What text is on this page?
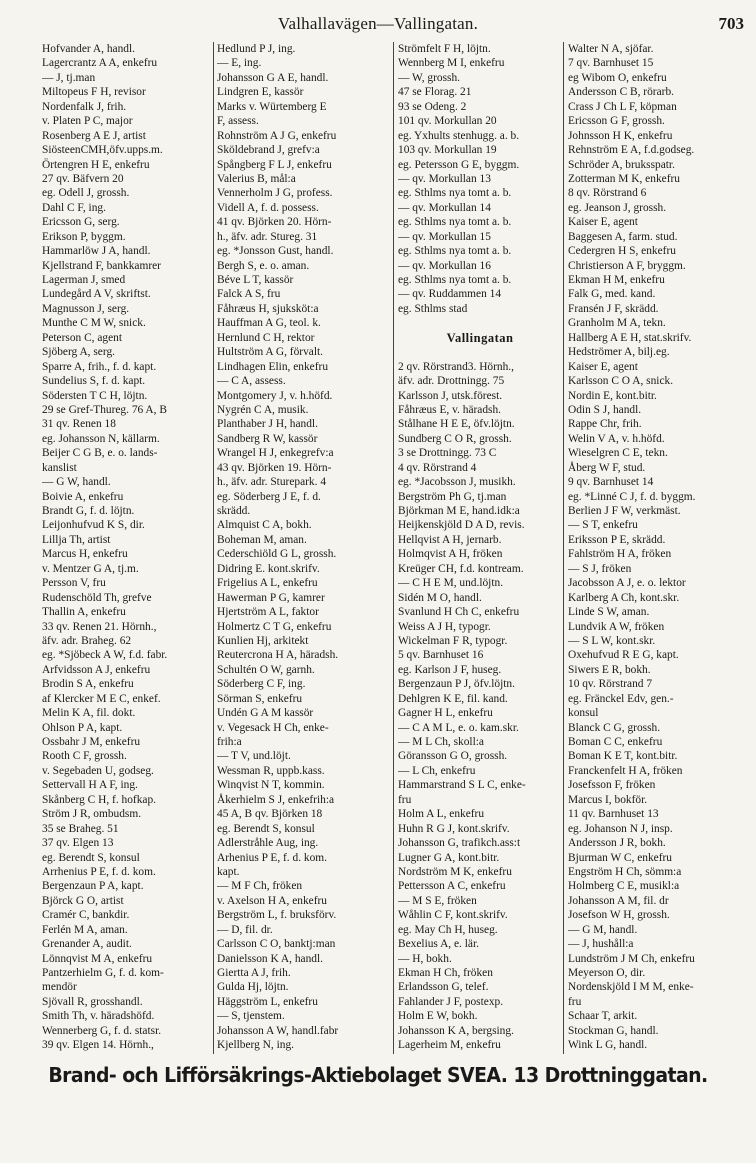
Valhallavägen—Vallingatan.	703
Hofvander A, handl.
Lagercrantz A A, enkefru
— J, tj.man
Miltopeus F H, revisor
Nordenfalk J, frih.
v. Platen P C, major
Rosenberg A E J, artist
SiösteenCMH,öfv.upps.m.
Örtengren H E, enkefru
27 qv. Bäfvern 20
eg. Odell J, grossh.
Dahl C F, ing.
Ericsson G, serg.
Erikson P, byggm.
Hammarlöw J A, handl.
Kjellstrand F, bankkamrer
Lagerman J, smed
Lundegård A V, skriftst.
Magnusson J, serg.
Munthe C M W, snick.
Peterson C, agent
Sjöberg A, serg.
Sparre A, frih., f. d. kapt.
Sundelius S, f. d. kapt.
Södersten T C H, löjtn.
29 se Gref-Thureg. 76 A, B
31 qv. Renen 18
eg. Johansson N, källarm.
Beijer C G B, e. o. lands-
kanslist
— G W, handl.
Boivie A, enkefru
Brandt G, f. d. löjtn.
Leijonhufvud K S, dir.
Lillja Th, artist
Marcus H, enkefru
v. Mentzer G A, tj.m.
Persson V, fru
Rudenschöld Th, grefve
Thallin A, enkefru
33 qv. Renen 21. Hörnh.,
äfv. adr. Braheg. 62
eg. *Sjöbeck A W, f.d. fabr.
Arfvidsson A J, enkefru
Brodin S A, enkefru
af Klercker M E C, enkef.
Melin K A, fil. dokt.
Ohlson P A, kapt.
Ossbahr J M, enkefru
Rooth C F, grossh.
v. Segebaden U, godseg.
Settervall H A F, ing.
Skånberg C H, f. hofkap.
Ström J R, ombudsm.
35 se Braheg. 51
37 qv. Elgen 13
eg. Berendt S, konsul
Arrhenius P E, f. d. kom.
Bergenzaun P A, kapt.
Björck G O, artist
Cramér C, bankdir.
Ferlén M A, aman.
Grenander A, audit.
Lönnqvist M A, enkefru
Pantzerhielm G, f. d. kom-
mendör
Sjövall R, grosshandl.
Smith Th, v. häradshöfd.
Wennerberg G, f. d. statsr.
39 qv. Elgen 14. Hörnh.,
Hedlund P J, ing.
— E, ing.
Johansson G A E, handl.
Lindgren E, kassör
Marks v. Würtemberg E
F, assess.
Rohnström A J G, enkefru
Sköldebrand J, grefv:a
Spångberg F L J, enkefru
Valerius B, mål:a
Vennerholm J G, profess.
Videll A, f. d. possess.
41 qv. Björken 20. Hörn-
h., äfv. adr. Stureg. 31
eg. *Jonsson Gust, handl.
Bergh S, e. o. aman.
Béve L T, kassör
Falck A S, fru
Fåhræus H, sjuksköt:a
Hauffman A G, teol. k.
Hernlund C H, rektor
Hultström A G, förvalt.
Lindhagen Elin, enkefru
— C A, assess.
Montgomery J, v. h.höfd.
Nygrén C A, musik.
Planthaber J H, handl.
Sandberg R W, kassör
Wrangel H J, enkegrefv:a
43 qv. Björken 19. Hörn-
h., äfv. adr. Sturepark. 4
eg. Söderberg J E, f. d.
skrädd.
Almquist C A, bokh.
Boheman M, aman.
Cederschiöld G L, grossh.
Didring E. kont.skrifv.
Frigelius A L, enkefru
Hawerman P G, kamrer
Hjertström A L, faktor
Holmertz C T G, enkefru
Kunlien Hj, arkitekt
Reutercrona H A, häradsh.
Schultén O W, garnh.
Söderberg C F, ing.
Sörman S, enkefru
Undén G A M kassör
v. Vegesack H Ch, enke-
frih:a
— T V, und.löjt.
Wessman R, uppb.kass.
Winqvist N T, kommin.
Åkerhielm S J, enkefrih:a
45 A, B qv. Björken 18
eg. Berendt S, konsul
Adlerstråhle Aug, ing.
Arhenius P E, f. d. kom.
kapt.
— M F Ch, fröken
v. Axelson H A, enkefru
Bergström L, f. bruksförv.
— D, fil. dr.
Carlsson C O, banktj:man
Danielsson K A, handl.
Giertta A J, frih.
Gulda Hj, löjtn.
Häggström L, enkefru
— S, tjenstem.
Johansson A W, handl.fabr
Kjellberg N, ing.
Strömfelt F H, löjtn.
Wennberg M I, enkefru
— W, grossh.
47 se Florag. 21
93 se Odeng. 2
101 qv. Morkullan 20
eg. Yxhults stenhugg. a. b.
103 qv. Morkullan 19
eg. Petersson G E, byggm.
— qv. Morkullan 13
eg. Sthlms nya tomt a. b.
— qv. Morkullan 14
eg. Sthlms nya tomt a. b.
— qv. Morkullan 15
eg. Sthlms nya tomt a. b.
— qv. Morkullan 16
eg. Sthlms nya tomt a. b.
— qv. Ruddammen 14
eg. Sthlms stad
Vallingatan
2 qv. Rörstrand3. Hörnh.,
äfv. adr. Drottningg. 75
Karlsson J, utsk.förest.
Fåhræus E, v. häradsh.
Stålhane H E E, öfv.löjtn.
Sundberg C O R, grossh.
3 se Drottningg. 73 C
4 qv. Rörstrand 4
eg. *Jacobsson J, musikh.
Bergström Ph G, tj.man
Björkman M E, hand.idk:a
Heijkenskjöld D A D, revis.
Hellqvist A H, jernarb.
Holmqvist A H, fröken
Kreüger CH, f.d. kontream.
— C H E M, und.löjtn.
Sidén M O, handl.
Svanlund H Ch C, enkefru
Weiss A J H, typogr.
Wickelman F R, typogr.
5 qv. Barnhuset 16
eg. Karlson J F, huseg.
Bergenzaun P J, öfv.löjtn.
Dehlgren K E, fil. kand.
Gagner H L, enkefru
— C A M L, e. o. kam.skr.
— M L Ch, skoll:a
Göransson G O, grossh.
— L Ch, enkefru
Hammarstrand S L C, enke-
fru
Holm A L, enkefru
Huhn R G J, kont.skrifv.
Johansson G, trafikch.ass:t
Lugner G A, kont.bitr.
Nordström M K, enkefru
Pettersson A C, enkefru
— M S E, fröken
Wåhlin C F, kont.skrifv.
eg. May Ch H, huseg.
Bexelius A, e. lär.
— H, bokh.
Ekman H Ch, fröken
Erlandsson G, telef.
Fahlander J F, postexp.
Holm E W, bokh.
Johansson K A, bergsing.
Lagerheim M, enkefru
Walter N A, sjöfar.
7 qv. Barnhuset 15
eg Wibom O, enkefru
Andersson C B, rörarb.
Crass J Ch L F, köpman
Ericsson G F, grossh.
Johnsson H K, enkefru
Rehnström E A, f.d.godseg.
Schröder A, bruksspatr.
Zotterman M K, enkefru
8 qv. Rörstrand 6
eg. Jeanson J, grossh.
Kaiser E, agent
Baggesen A, farm. stud.
Cedergren H S, enkefru
Christierson A F, bryggm.
Ekman H M, enkefru
Falk G, med. kand.
Fransén J F, skrädd.
Granholm M A, tekn.
Hallberg A E H, stat.skrifv.
Hedströmer A, bilj.eg.
Kaiser E, agent
Karlsson C O A, snick.
Nordin E, kont.bitr.
Odin S J, handl.
Rappe Chr, frih.
Welin V A, v. h.höfd.
Wieselgren C E, tekn.
Åberg W F, stud.
9 qv. Barnhuset 14
eg. *Linné C J, f. d. byggm.
Berlien J F W, verkmäst.
— S T, enkefru
Eriksson P E, skrädd.
Fahlström H A, fröken
— S J, fröken
Jacobsson A J, e. o. lektor
Karlberg A Ch, kont.skr.
Linde S W, aman.
Lundvik A W, fröken
— S L W, kont.skr.
Oxehufvud R E G, kapt.
Siwers E R, bokh.
10 qv. Rörstrand 7
eg. Fränckel Edv, gen.-
konsul
Blanck C G, grossh.
Boman C C, enkefru
Boman K E T, kont.bitr.
Franckenfelt H A, fröken
Josefsson F, fröken
Marcus I, bokför.
11 qv. Barnhuset 13
eg. Johanson N J, insp.
Andersson J R, bokh.
Bjurman W C, enkefru
Engström H Ch, sömm:a
Holmberg C E, musikl:a
Johansson A M, fil. dr
Josefson W H, grossh.
— G M, handl.
— J, hushåll:a
Lundström J M Ch, enkefru
Meyerson O, dir.
Nordenskjöld I M M, enke-
fru
Schaar T, arkit.
Stockman G, handl.
Wink L G, handl.
Brand- och Lifförsäkrings-Aktiebolaget SVEA. 13 Drottninggatan.
